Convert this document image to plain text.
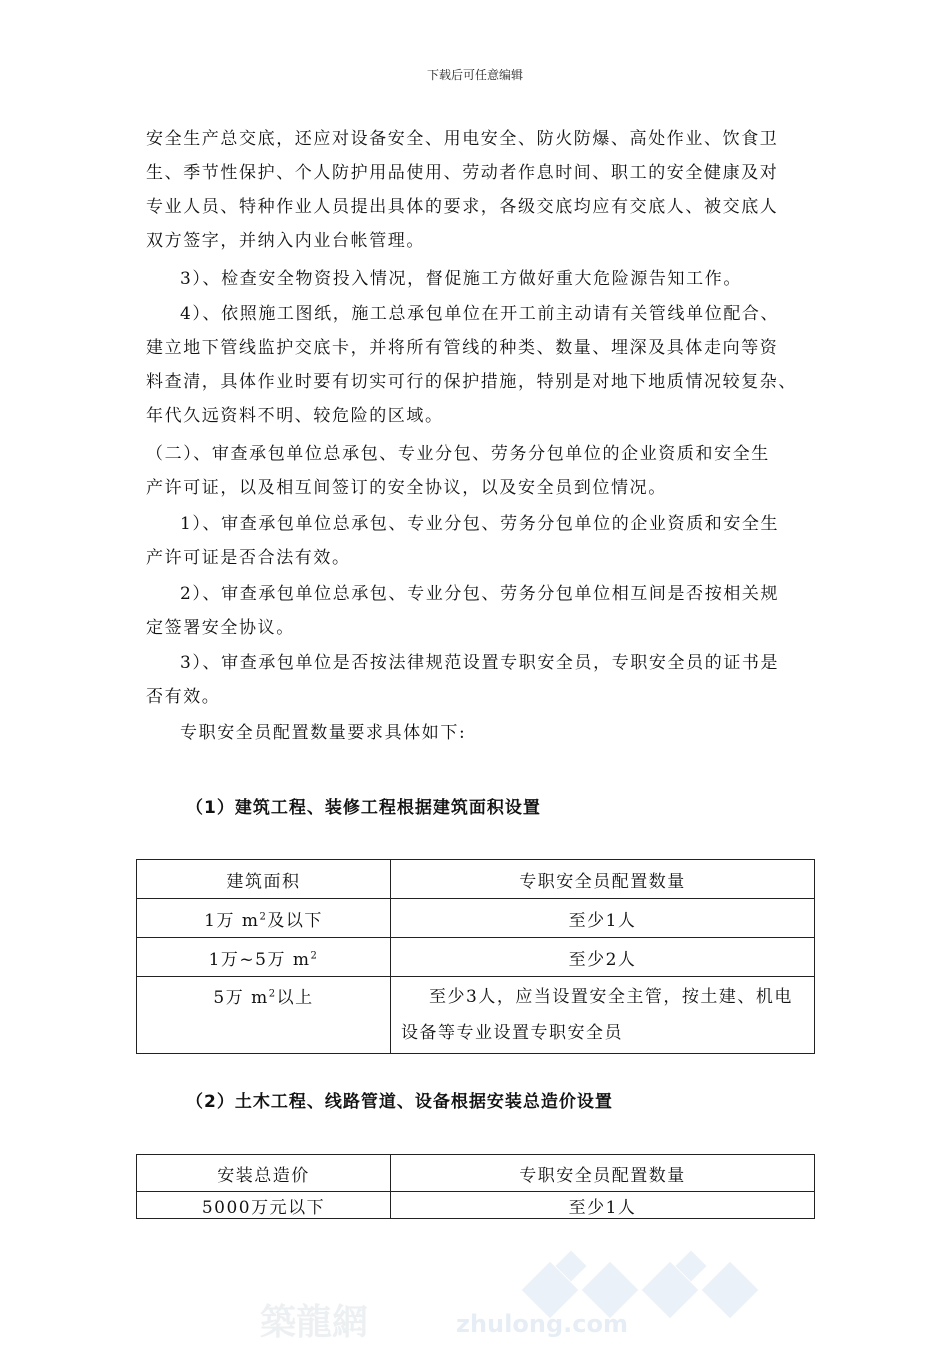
下载后可任意编辑

安全生产总交底，还应对设备安全、用电安全、防火防爆、高处作业、饮食卫
生、季节性保护、个人防护用品使用、劳动者作息时间、职工的安全健康及对
专业人员、特种作业人员提出具体的要求，各级交底均应有交底人、被交底人
双方签字，并纳入内业台帐管理。

3）、检查安全物资投入情况，督促施工方做好重大危险源告知工作。

4）、依照施工图纸，施工总承包单位在开工前主动请有关管线单位配合、
建立地下管线监护交底卡，并将所有管线的种类、数量、埋深及具体走向等资
料查清，具体作业时要有切实可行的保护措施，特别是对地下地质情况较复杂、
年代久远资料不明、较危险的区域。

（二）、审查承包单位总承包、专业分包、劳务分包单位的企业资质和安全生
产许可证，以及相互间签订的安全协议，以及安全员到位情况。

1）、审查承包单位总承包、专业分包、劳务分包单位的企业资质和安全生
产许可证是否合法有效。

2）、审查承包单位总承包、专业分包、劳务分包单位相互间是否按相关规
定签署安全协议。

3）、审查承包单位是否按法律规范设置专职安全员，专职安全员的证书是
否有效。

专职安全员配置数量要求具体如下:

（1）建筑工程、装修工程根据建筑面积设置
建筑面积	专职安全员配置数量
1万 $m^2$及以下	至少1人
1万~5万 $m^2$	至少2人
5万 $m^2$以上	至少3人，应当设置安全主管，按土建、机电设备等专业设置专职安全员
（2）土木工程、线路管道、设备根据安装总造价设置
安装总造价	专职安全员配置数量
5000万元以下	至少1人
築龍網	zhulong.com
